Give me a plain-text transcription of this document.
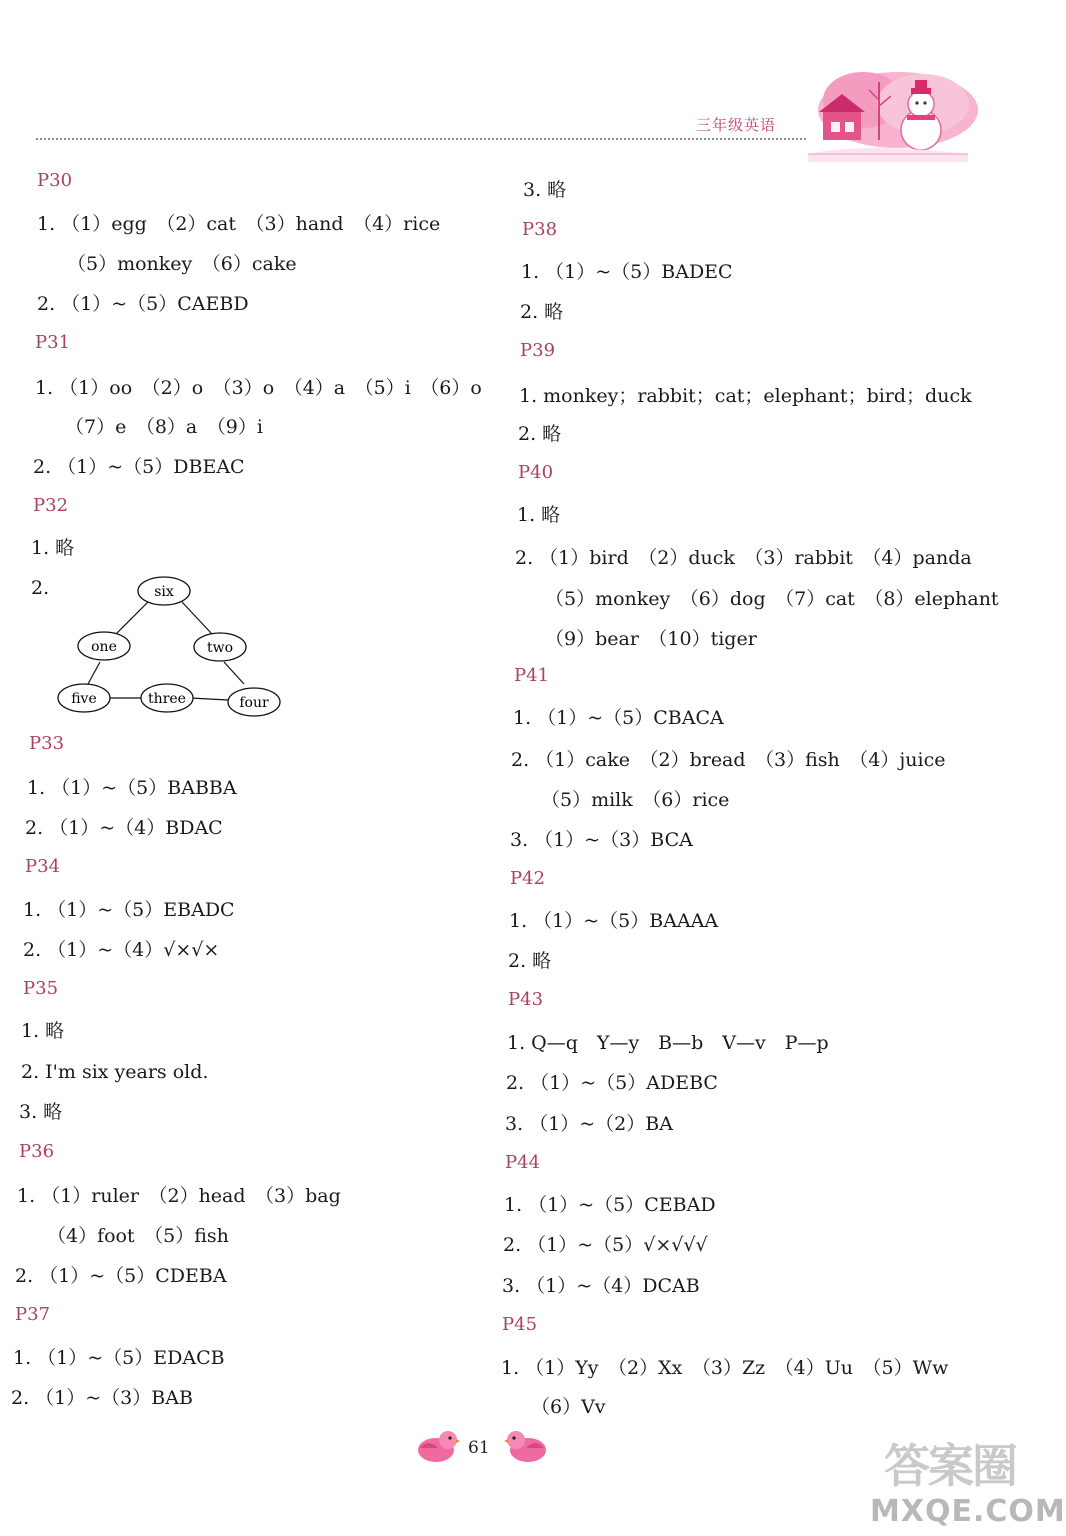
三年级英语
P30
1. （1）egg　（2）cat　（3）hand　（4）rice
（5）monkey　（6）cake
2. （1）~（5）CAEBD
P31
1. （1）oo　（2）o　（3）o　（4）a　（5）i　（6）o
（7）e　（8）a　（9）i
2. （1）~（5）DBEAC
P32
1. 略
2.	six
one	two
five	three	four
P33
1. （1）~（5）BABBA
2. （1）~（4）BDAC
P34
1. （1）~（5）EBADC
2. （1）~（4）√×√×
P35
1. 略
2. I'm six years old.
3. 略
P36
1. （1）ruler　（2）head　（3）bag
（4）foot　（5）fish
2. （1）~（5）CDEBA
P37
1. （1）~（5）EDACB
2. （1）~（3）BAB
3. 略
P38
1. （1）~（5）BADEC
2. 略
P39
1. monkey；rabbit；cat；elephant；bird；duck
2. 略
P40
1. 略
2. （1）bird　（2）duck　（3）rabbit　（4）panda
（5）monkey　（6）dog　（7）cat　（8）elephant
（9）bear　（10）tiger
P41
1. （1）~（5）CBACA
2. （1）cake　（2）bread　（3）fish　（4）juice
（5）milk　（6）rice
3. （1）~（3）BCA
P42
1. （1）~（5）BAAAA
2. 略
P43
1. Q—q　Y—y　B—b　V—v　P—p
2. （1）~（5）ADEBC
3. （1）~（2）BA
P44
1. （1）~（5）CEBAD
2. （1）~（5）√×√√√
3. （1）~（4）DCAB
P45
1. （1）Yy　（2）Xx　（3）Zz　（4）Uu　（5）Ww
（6）Vv
61	答案圈
MXQE.COM
